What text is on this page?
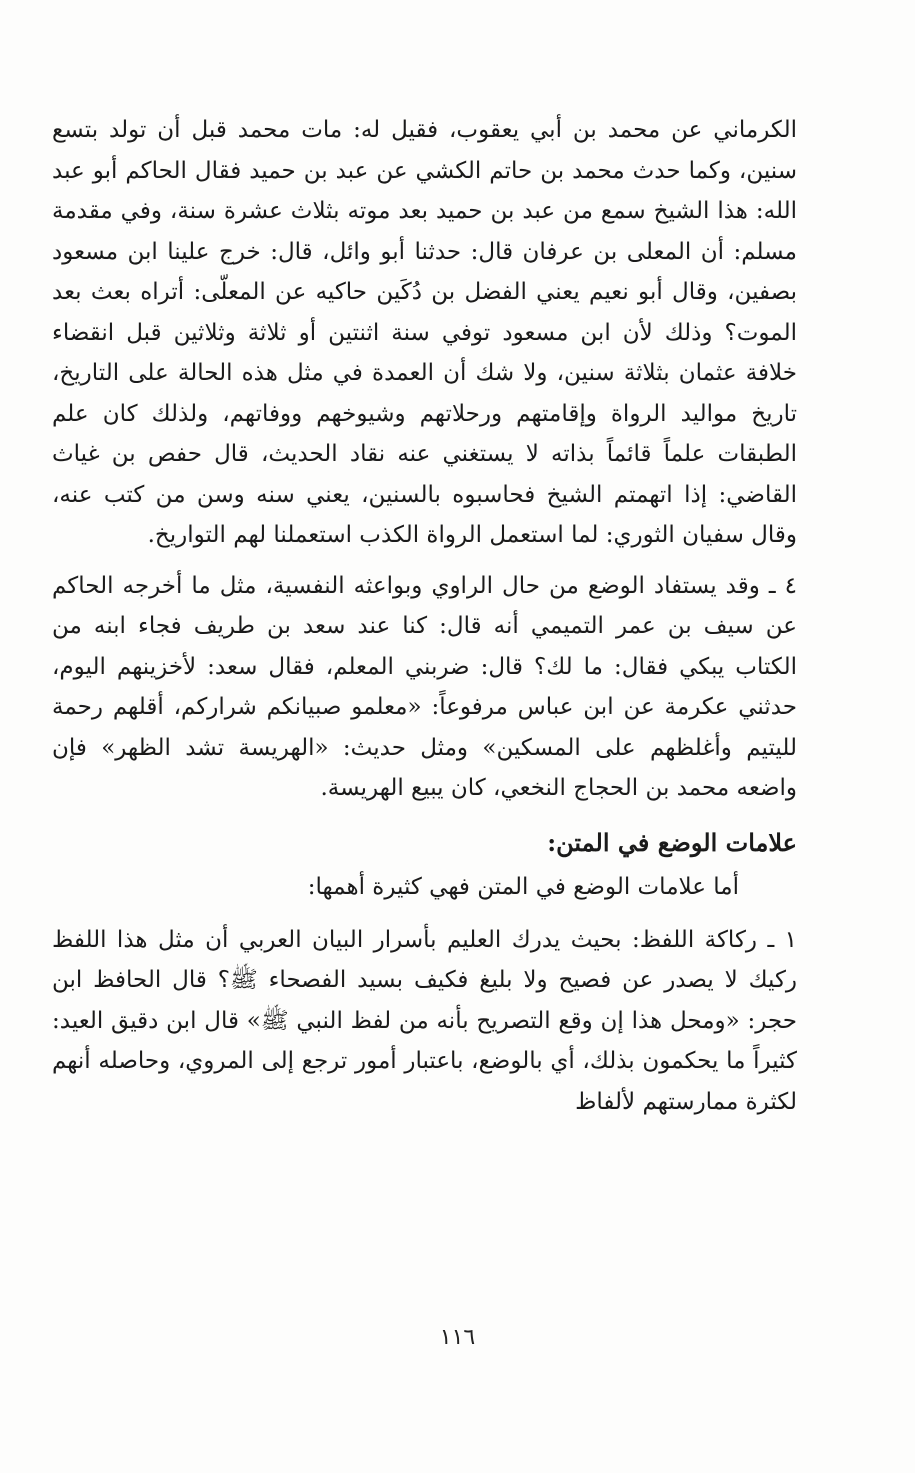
الكرماني عن محمد بن أبي يعقوب، فقيل له: مات محمد قبل أن تولد بتسع سنين، وكما حدث محمد بن حاتم الكشي عن عبد بن حميد فقال الحاكم أبو عبد الله: هذا الشيخ سمع من عبد بن حميد بعد موته بثلاث عشرة سنة، وفي مقدمة مسلم: أن المعلى بن عرفان قال: حدثنا أبو وائل، قال: خرج علينا ابن مسعود بصفين، وقال أبو نعيم يعني الفضل بن دُكَين حاكيه عن المعلّى: أتراه بعث بعد الموت؟ وذلك لأن ابن مسعود توفي سنة اثنتين أو ثلاثة وثلاثين قبل انقضاء خلافة عثمان بثلاثة سنين، ولا شك أن العمدة في مثل هذه الحالة على التاريخ، تاريخ مواليد الرواة وإقامتهم ورحلاتهم وشيوخهم ووفاتهم، ولذلك كان علم الطبقات علماً قائماً بذاته لا يستغني عنه نقاد الحديث، قال حفص بن غياث القاضي: إذا اتهمتم الشيخ فحاسبوه بالسنين، يعني سنه وسن من كتب عنه، وقال سفيان الثوري: لما استعمل الرواة الكذب استعملنا لهم التواريخ.

٤ ـ وقد يستفاد الوضع من حال الراوي وبواعثه النفسية، مثل ما أخرجه الحاكم عن سيف بن عمر التميمي أنه قال: كنا عند سعد بن طريف فجاء ابنه من الكتاب يبكي فقال: ما لك؟ قال: ضربني المعلم، فقال سعد: لأخزينهم اليوم، حدثني عكرمة عن ابن عباس مرفوعاً: «معلمو صبيانكم شراركم، أقلهم رحمة لليتيم وأغلظهم على المسكين» ومثل حديث: «الهريسة تشد الظهر» فإن واضعه محمد بن الحجاج النخعي، كان يبيع الهريسة.

علامات الوضع في المتن:

أما علامات الوضع في المتن فهي كثيرة أهمها:

١ ـ ركاكة اللفظ: بحيث يدرك العليم بأسرار البيان العربي أن مثل هذا اللفظ ركيك لا يصدر عن فصيح ولا بليغ فكيف بسيد الفصحاء ﷺ؟ قال الحافظ ابن حجر: «ومحل هذا إن وقع التصريح بأنه من لفظ النبي ﷺ» قال ابن دقيق العيد: كثيراً ما يحكمون بذلك، أي بالوضع، باعتبار أمور ترجع إلى المروي، وحاصله أنهم لكثرة ممارستهم لألفاظ

١١٦
